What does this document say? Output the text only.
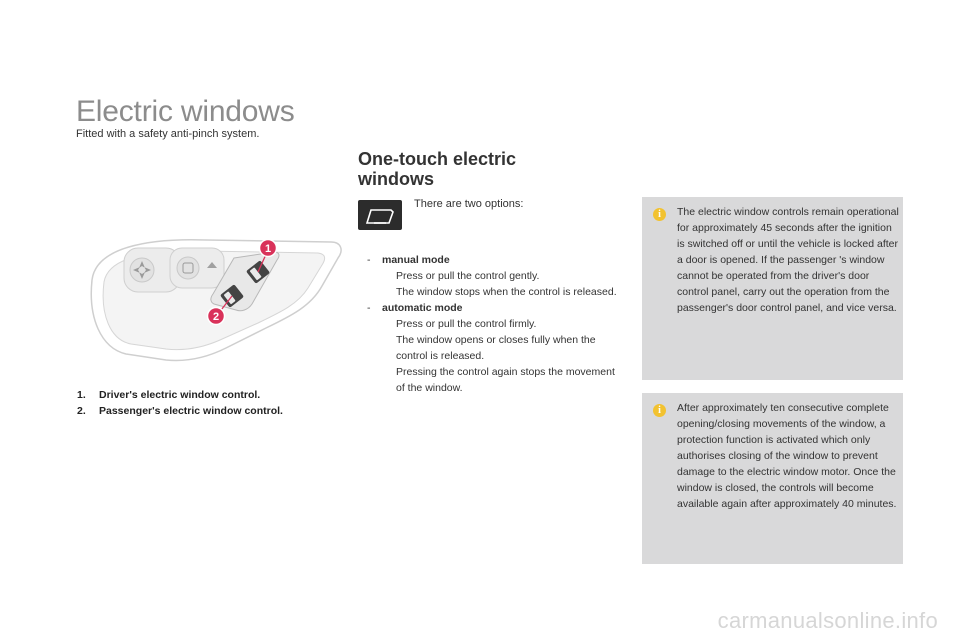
Electric windows
Fitted with a safety anti-pinch system.
1
2
1.	Driver's electric window control.
2.	Passenger's electric window control.
One-touch electric
windows
There are two options:
-	manual mode
Press or pull the control gently.
The window stops when the control is released.
-	automatic mode
Press or pull the control firmly.
The window opens or closes fully when the control is released.
Pressing the control again stops the movement of the window.
i	The electric window controls remain operational for approximately 45 seconds after the ignition is switched off or until the vehicle is locked after a door is opened. If the passenger 's window cannot be operated from the driver's door control panel, carry out the operation from the passenger's door control panel, and vice versa.
i	After approximately ten consecutive complete opening/closing movements of the window, a protection function is activated which only authorises closing of the window to prevent damage to the electric window motor. Once the window is closed, the controls will become available again after approximately 40 minutes.
carmanualsonline.info
